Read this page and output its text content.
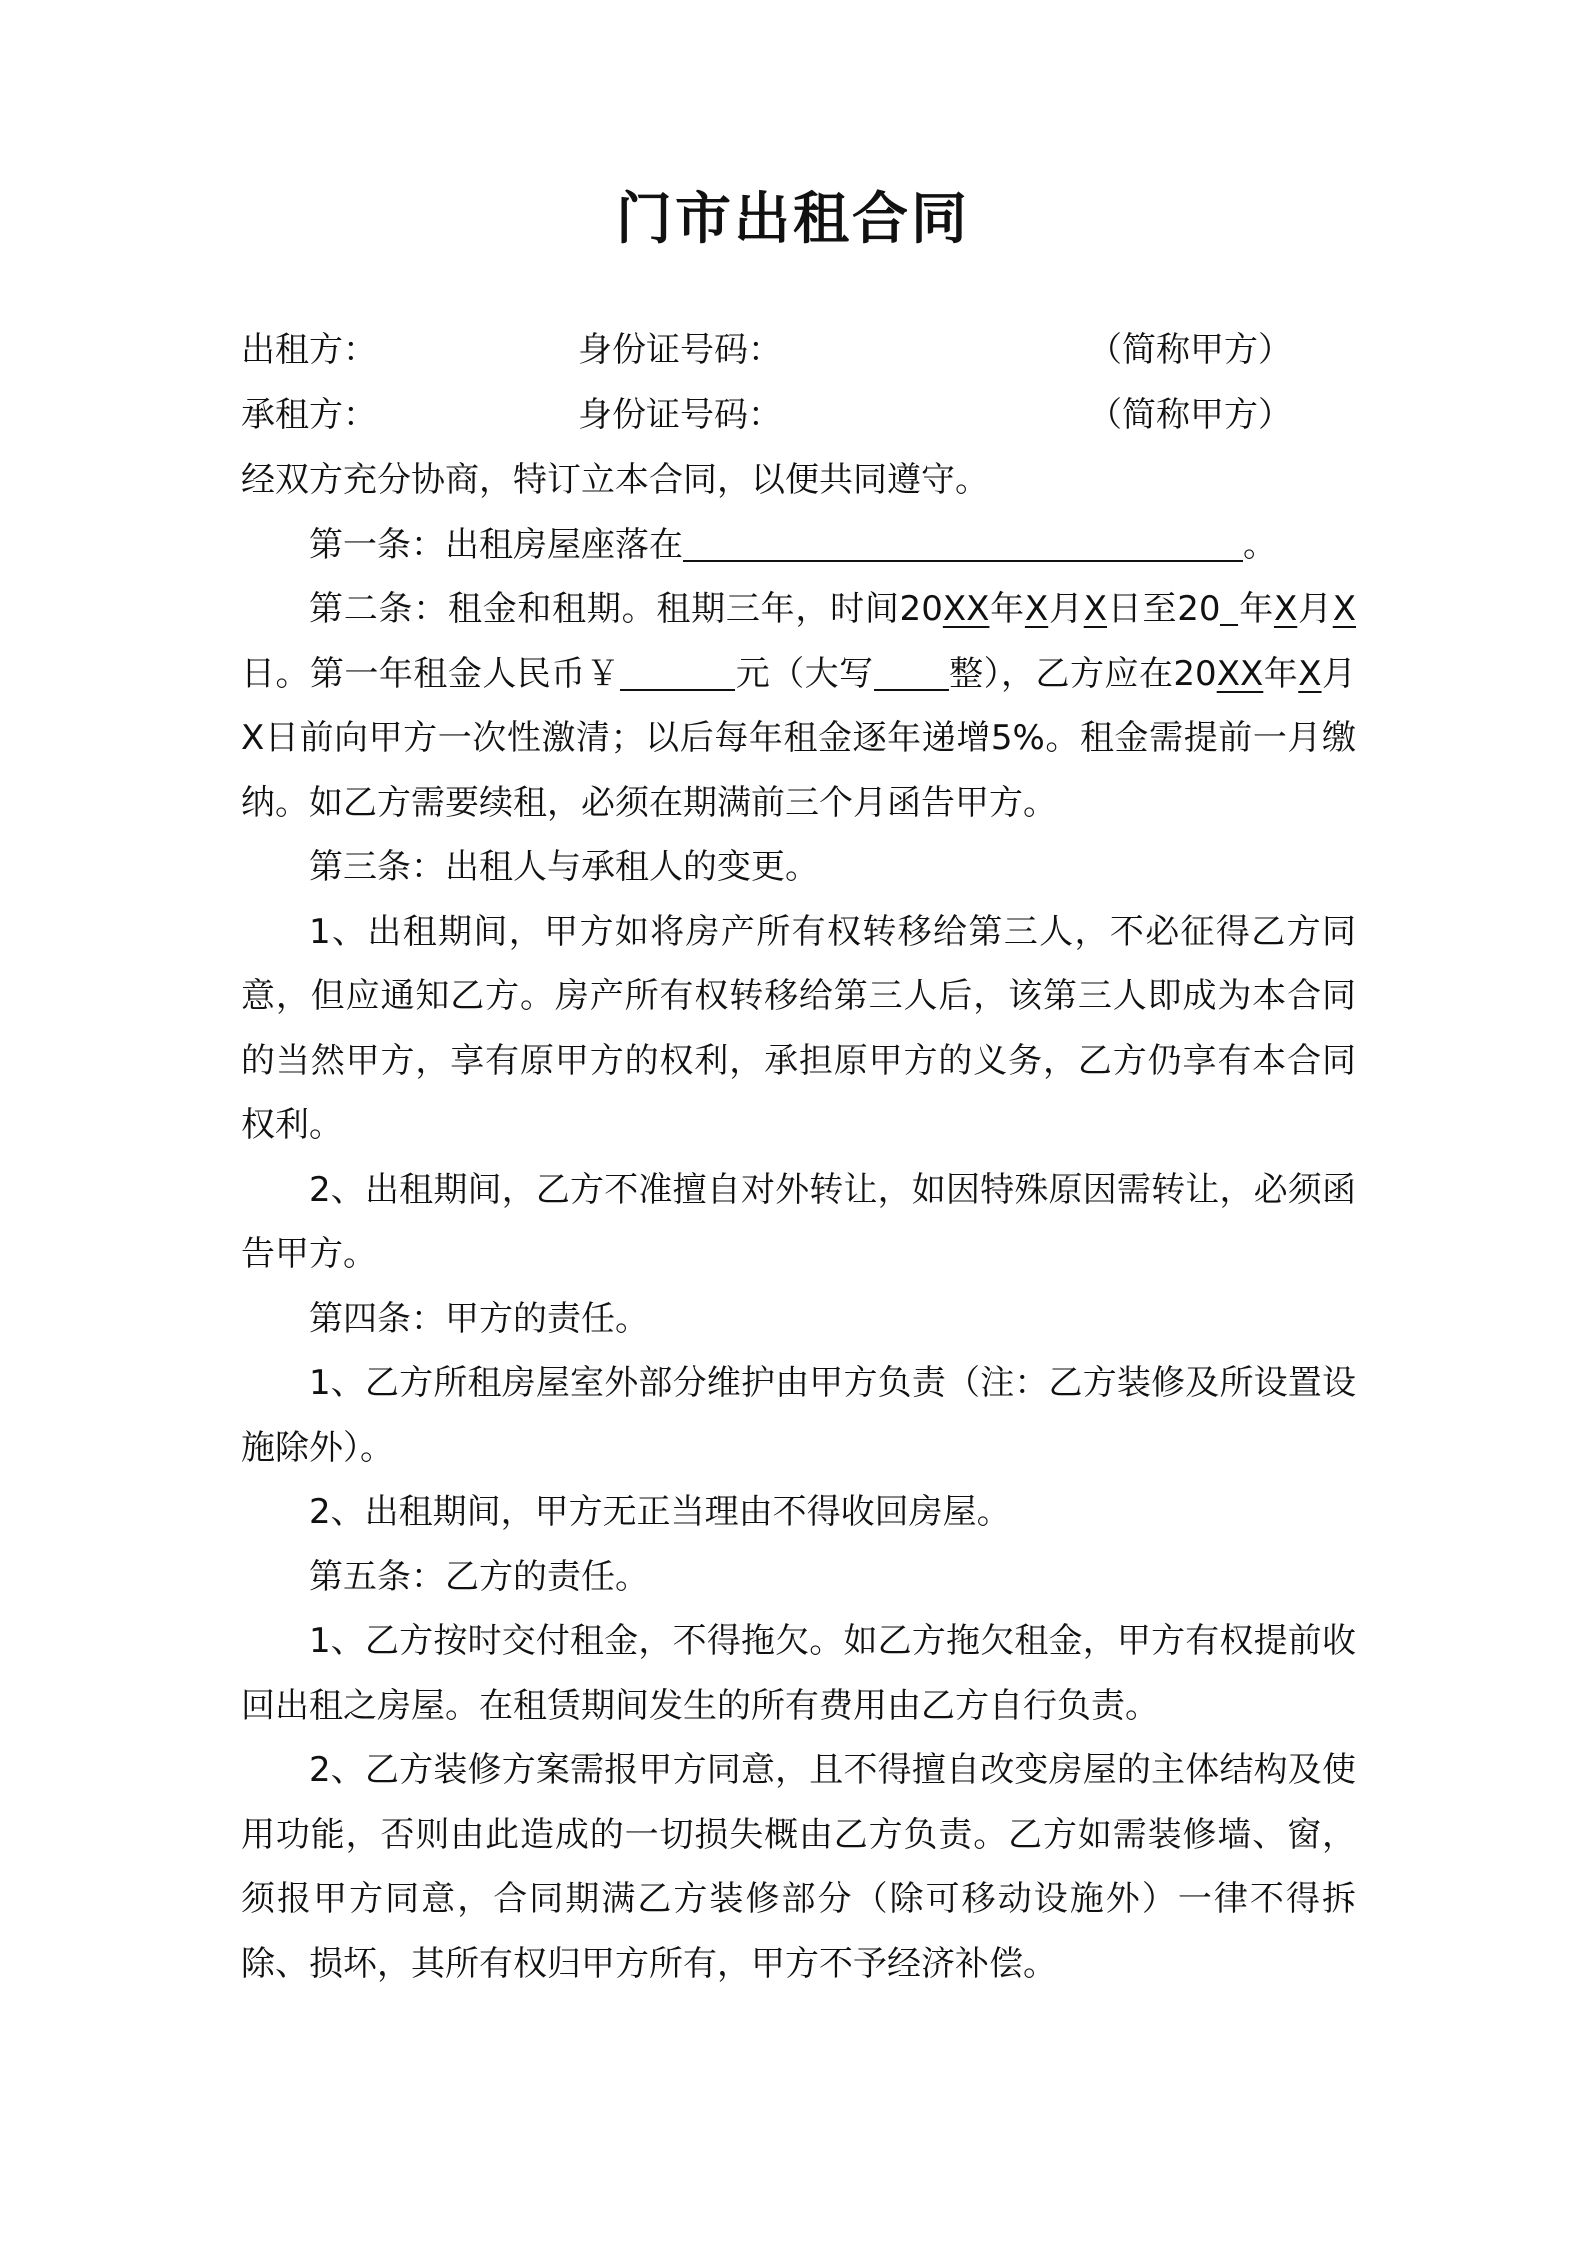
门市出租合同
出租方：	身份证号码：	（简称甲方）
承租方：	身份证号码：	（简称甲方）

经双方充分协商，特订立本合同，以便共同遵守。

第一条：出租房屋座落在	。

第二条：租金和租期。租期三年，时间20XX年X月X日至20 年X月X日。第一年租金人民币￥	元（大写 整），乙方应在20XX年X月X日前向甲方一次性激清；以后每年租金逐年递增5%。租金需提前一月缴纳。如乙方需要续租，必须在期满前三个月函告甲方。

第三条：出租人与承租人的变更。

1、出租期间，甲方如将房产所有权转移给第三人，不必征得乙方同意，但应通知乙方。房产所有权转移给第三人后，该第三人即成为本合同的当然甲方，享有原甲方的权利，承担原甲方的义务，乙方仍享有本合同权利。

2、出租期间，乙方不准擅自对外转让，如因特殊原因需转让，必须函告甲方。

第四条：甲方的责任。

1、乙方所租房屋室外部分维护由甲方负责（注：乙方装修及所设置设施除外）。

2、出租期间，甲方无正当理由不得收回房屋。

第五条：乙方的责任。

1、乙方按时交付租金，不得拖欠。如乙方拖欠租金，甲方有权提前收回出租之房屋。在租赁期间发生的所有费用由乙方自行负责。

2、乙方装修方案需报甲方同意，且不得擅自改变房屋的主体结构及使用功能，否则由此造成的一切损失概由乙方负责。乙方如需装修墙、窗，须报甲方同意，合同期满乙方装修部分（除可移动设施外）一律不得拆除、损坏，其所有权归甲方所有，甲方不予经济补偿。
